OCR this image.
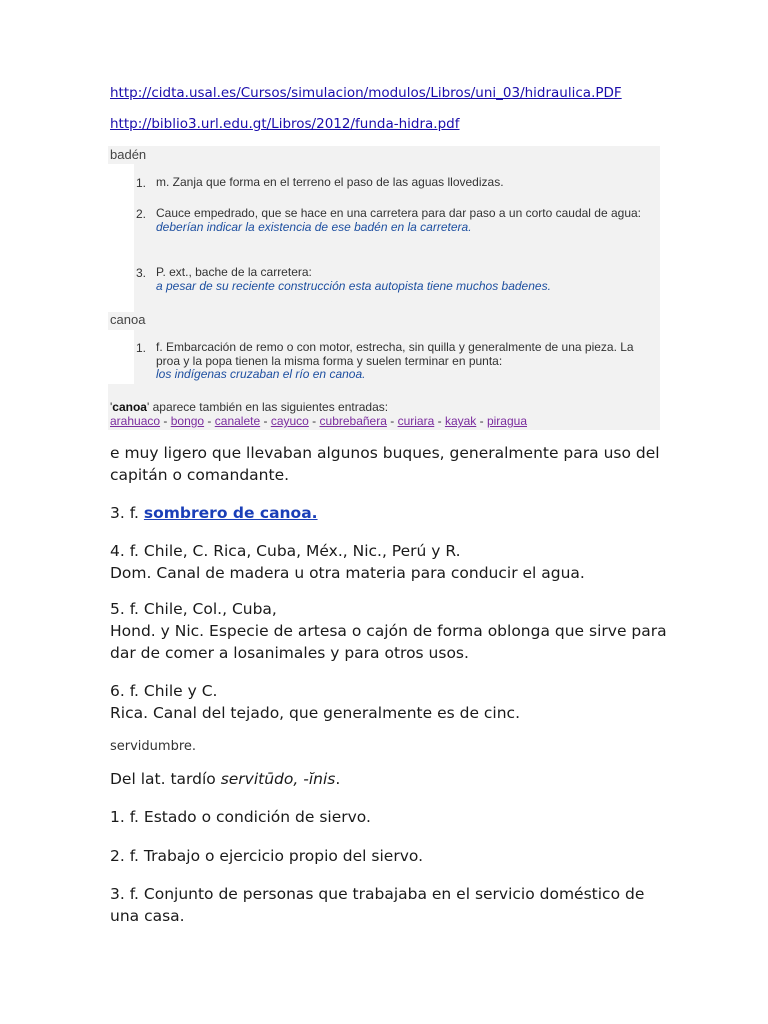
http://cidta.usal.es/Cursos/simulacion/modulos/Libros/uni_03/hidraulica.PDF
http://biblio3.url.edu.gt/Libros/2012/funda-hidra.pdf
badén
1. m. Zanja que forma en el terreno el paso de las aguas llovedizas.
2. Cauce empedrado, que se hace en una carretera para dar paso a un corto caudal de agua:
deberían indicar la existencia de ese badén en la carretera.
3. P. ext., bache de la carretera:
a pesar de su reciente construcción esta autopista tiene muchos badenes.
canoa
1. f. Embarcación de remo o con motor, estrecha, sin quilla y generalmente de una pieza. La proa y la popa tienen la misma forma y suelen terminar en punta:
los indígenas cruzaban el río en canoa.
'canoa' aparece también en las siguientes entradas:
arahuaco - bongo - canalete - cayuco - cubrebañera - curiara - kayak - piragua
e muy ligero que llevaban algunos buques, generalmente para uso del capitán o comandante.
3. f. sombrero de canoa.
4. f. Chile, C. Rica, Cuba, Méx., Nic., Perú y R.
Dom. Canal de madera u otra materia para conducir el agua.
5. f. Chile, Col., Cuba,
Hond. y Nic. Especie de artesa o cajón de forma oblonga que sirve para dar de comer a losanimales y para otros usos.
6. f. Chile y C.
Rica. Canal del tejado, que generalmente es de cinc.
servidumbre.
Del lat. tardío servitūdo, -ĭnis.
1. f. Estado o condición de siervo.
2. f. Trabajo o ejercicio propio del siervo.
3. f. Conjunto de personas que trabajaba en el servicio doméstico de una casa.
